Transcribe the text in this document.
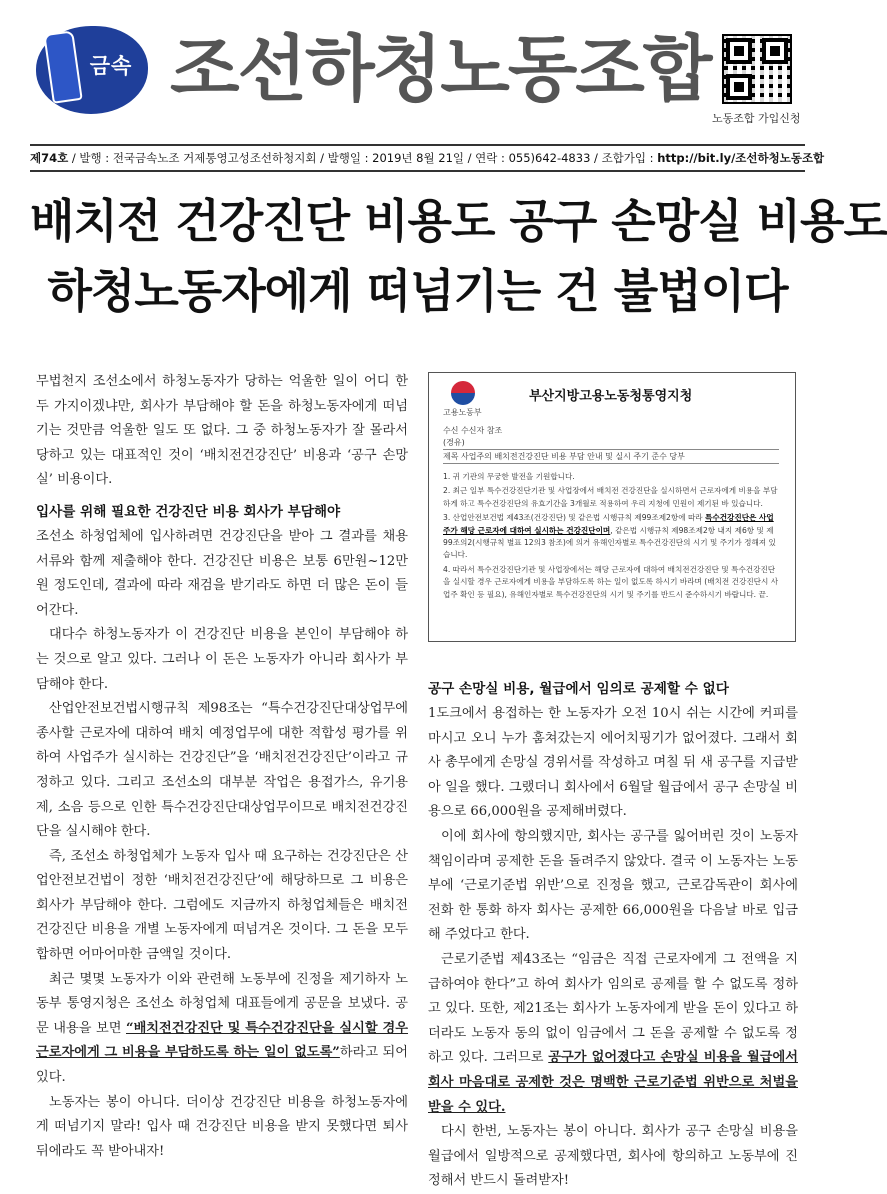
금속 조선하청노동조합
노동조합 가입신청
제74호 / 발행 : 전국금속노조 거제통영고성조선하청지회 / 발행일 : 2019년 8월 21일 / 연락 : 055)642-4833 / 조합가입 : http://bit.ly/조선하청노동조합
배치전 건강진단 비용도 공구 손망실 비용도
하청노동자에게 떠넘기는 건 불법이다

무법천지 조선소에서 하청노동자가 당하는 억울한 일이 어디 한두 가지이겠냐만, 회사가 부담해야 할 돈을 하청노동자에게 떠넘기는 것만큼 억울한 일도 또 없다. 그 중 하청노동자가 잘 몰라서 당하고 있는 대표적인 것이 ‘배치전건강진단’ 비용과 ‘공구 손망실’ 비용이다.

입사를 위해 필요한 건강진단 비용 회사가 부담해야

조선소 하청업체에 입사하려면 건강진단을 받아 그 결과를 채용서류와 함께 제출해야 한다. 건강진단 비용은 보통 6만원~12만원 정도인데, 결과에 따라 재검을 받기라도 하면 더 많은 돈이 들어간다.

대다수 하청노동자가 이 건강진단 비용을 본인이 부담해야 하는 것으로 알고 있다. 그러나 이 돈은 노동자가 아니라 회사가 부담해야 한다.

산업안전보건법시행규칙 제98조는 “특수건강진단대상업무에 종사할 근로자에 대하여 배치 예정업무에 대한 적합성 평가를 위하여 사업주가 실시하는 건강진단”을 ‘배치전건강진단’이라고 규정하고 있다. 그리고 조선소의 대부분 작업은 용접가스, 유기용제, 소음 등으로 인한 특수건강진단대상업무이므로 배치전건강진단을 실시해야 한다.

즉, 조선소 하청업체가 노동자 입사 때 요구하는 건강진단은 산업안전보건법이 정한 ‘배치전건강진단’에 해당하므로 그 비용은 회사가 부담해야 한다. 그럼에도 지금까지 하청업체들은 배치전건강진단 비용을 개별 노동자에게 떠넘겨온 것이다. 그 돈을 모두 합하면 어마어마한 금액일 것이다.

최근 몇몇 노동자가 이와 관련해 노동부에 진정을 제기하자 노동부 통영지청은 조선소 하청업체 대표들에게 공문을 보냈다. 공문 내용을 보면 “배치전건강진단 및 특수건강진단을 실시할 경우 근로자에게 그 비용을 부담하도록 하는 일이 없도록”하라고 되어있다.

노동자는 봉이 아니다. 더이상 건강진단 비용을 하청노동자에게 떠넘기지 말라! 입사 때 건강진단 비용을 받지 못했다면 퇴사 뒤에라도 꼭 받아내자!

고용노동부
부산지방고용노동청통영지청
수신 수신자 참조
(경유)
제목 사업주의 배치전건강진단 비용 부담 안내 및 실시 주기 준수 당부

1. 귀 기관의 무궁한 발전을 기원합니다.

2. 최근 일부 특수건강진단기관 및 사업장에서 배치전 건강진단을 실시하면서 근로자에게 비용을 부담하게 하고 특수건강진단의 유효기간을 3개월로 적용하여 우리 지청에 민원이 제기된 바 있습니다.

3. 산업안전보건법 제43조(건강진단) 및 같은법 시행규칙 제99조제2항에 따라 특수건강진단은 사업주가 해당 근로자에 대하여 실시하는 건강진단이며, 같은법 시행규칙 제98조제2항 내지 제6항 및 제99조의2(시행규칙 별표 12의3 참조)에 의거 유해인자별로 특수건강진단의 시기 및 주기가 정해져 있습니다.

4. 따라서 특수건강진단기관 및 사업장에서는 해당 근로자에 대하여 배치전건강진단 및 특수건강진단을 실시할 경우 근로자에게 비용을 부담하도록 하는 일이 없도록 하시기 바라며 (배치전 건강진단시 사업주 확인 등 필요), 유해인자별로 특수건강진단의 시기 및 주기를 반드시 준수하시기 바랍니다. 끝.

공구 손망실 비용, 월급에서 임의로 공제할 수 없다

1도크에서 용접하는 한 노동자가 오전 10시 쉬는 시간에 커피를 마시고 오니 누가 훔쳐갔는지 에어치핑기가 없어졌다. 그래서 회사 총무에게 손망실 경위서를 작성하고 며칠 뒤 새 공구를 지급받아 일을 했다. 그랬더니 회사에서 6월달 월급에서 공구 손망실 비용으로 66,000원을 공제해버렸다.

이에 회사에 항의했지만, 회사는 공구를 잃어버린 것이 노동자 책임이라며 공제한 돈을 돌려주지 않았다. 결국 이 노동자는 노동부에 ‘근로기준법 위반’으로 진정을 했고, 근로감독관이 회사에 전화 한 통화 하자 회사는 공제한 66,000원을 다음날 바로 입금해 주었다고 한다.

근로기준법 제43조는 “임금은 직접 근로자에게 그 전액을 지급하여야 한다”고 하여 회사가 임의로 공제를 할 수 없도록 정하고 있다. 또한, 제21조는 회사가 노동자에게 받을 돈이 있다고 하더라도 노동자 동의 없이 임금에서 그 돈을 공제할 수 없도록 정하고 있다. 그러므로 공구가 없어졌다고 손망실 비용을 월급에서 회사 마음대로 공제한 것은 명백한 근로기준법 위반으로 처벌을 받을 수 있다.

다시 한번, 노동자는 봉이 아니다. 회사가 공구 손망실 비용을 월급에서 일방적으로 공제했다면, 회사에 항의하고 노동부에 진정해서 반드시 돌려받자!
